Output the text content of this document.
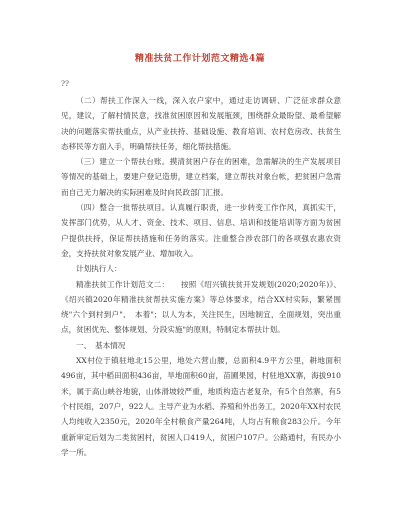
精准扶贫工作计划范文精选4篇
??

（二）帮扶工作深入一线，深入农户家中，通过走访调研、广泛征求群众意见，建议，了解村情民意，找准贫困原因和发展瓶颈，围绕群众最盼望、最希望解决的问题落实帮扶重点，从产业扶持、基础设施、教育培训、农村危房改、扶贫生态移民等方面入手，明确帮扶任务，细化帮扶措施。

（三）建立一个帮扶台账。摸清贫困户存在的困难，急需解决的生产发展项目等情况的基础上，要建户登记造册，建立档案，建立帮扶对象台帐，把贫困户急需而自己无力解决的实际困难及时向民政部门汇报。

（四）整合一批帮扶项目。认真履行职责，进一步转变工作作风，真抓实干，发挥部门优势，从人才、资金、技术、项目、信息、培训和技能培训等方面为贫困户提供扶持，保证帮扶措施和任务的落实。注重整合涉农部门的各项强农惠农资金，支持扶贫对象发展产业、增加收入。

计划执行人：

精准扶贫工作计划范文二：　　按照《绍兴镇扶贫开发规划(2020;2020年)》、《绍兴镇2020年精准扶贫帮扶实施方案》等总体要求，结合XX村实际，繁紧围绕"六个到村到户"、　本着"；以人为本，关注民生，因地制宜，全面规划，突出重点，贫困优先、整体规划、分段实施"的原则，特制定本帮扶计划。

一、　基本情况

XX村位于镇驻地北15公里，地处六营山腰，总面积4.9平方公里，耕地面积496亩，其中稻田面积436亩，旱地面积60亩，苗圃果园，村驻地XX寨，海拔910米，属于高山峡谷地貌，山体滑坡较严重，地质构造古老复杂，有5个自然寨，有5个村民组，207户，922人。主导产业为水稻、养殖和外出务工，2020年XX村农民人均纯收入2350元，2020年全村粮食产量264吨，人均占有粮食283公斤。今年重新审定后划为二类贫困村，贫困人口419人，贫困户107户。公路通村，有民办小学一所。
